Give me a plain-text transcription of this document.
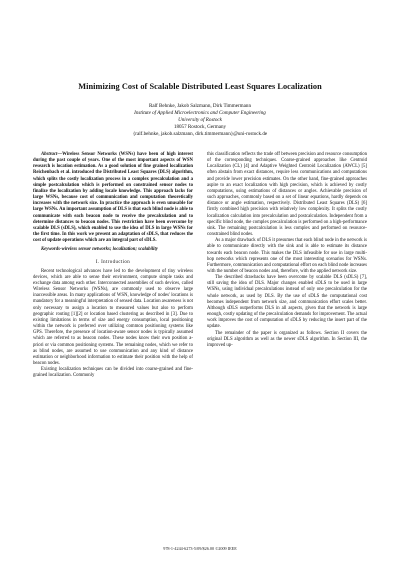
Minimizing Cost of Scalable Distributed Least Squares Localization
Ralf Behnke, Jakob Salzmann, Dirk Timmermann
Institute of Applied Microelectronics and Computer Engineering
University of Rostock
18057 Rostock, Germany
{ralf.behnke, jakob.salzmann, dirk.timmermann}@uni-rostock.de

Abstract—Wireless Sensor Networks (WSNs) have been of high interest during the past couple of years. One of the most important aspects of WSN research is location estimation. As a good solution of fine grained localization Reichenbach et al. introduced the Distributed Least Squares (DLS) algorithm, which splits the costly localization process in a complex precalculation and a simple postcalculation which is performed on constrained sensor nodes to finalize the localization by adding locale knowledge. This approach lacks for large WSNs, because cost of communication and computation theoretically increases with the network size. In practice the approach is even unusable for large WSNs. An important assumption of DLS is that each blind node is able to communicate with each beacon node to receive the precalculation and to determine distances to beacon nodes. This restriction have been overcome by scalable DLS (sDLS), which enabled to use the idea of DLS in large WSNs for the first time. In this work we present an adaptation of sDLS, that reduces the cost of update operations which are an integral part of sDLS.

Keywords-wireless sensor networks; localization; scalability

I. Introduction

Recent technological advances have led to the development of tiny wireless devices, which are able to sense their environment, compute simple tasks and exchange data among each other. Interconnected assemblies of such devices, called Wireless Sensor Networks (WSNs), are commonly used to observe large inaccessible areas. In many applications of WSN, knowledge of nodes' locations is mandatory for a meaningful interpretation of sensed data. Location awareness is not only necessary to assign a location to measured values but also to perform geographic routing [1][2] or location based clustering as described in [3]. Due to existing limitations in terms of size and energy consumption, local positioning within the network is preferred over utilizing common positioning systems like GPS. Therefore, the presence of location-aware sensor nodes is typically assumed which are referred to as beacon nodes. These nodes know their own position a-priori or via common positioning systems. The remaining nodes, which we refer to as blind nodes, are assumed to use communication and any kind of distance estimation or neighborhood information to estimate their position with the help of beacon nodes.

Existing localization techniques can be divided into coarse-grained and fine-grained localization. Commonly

this classification reflects the trade off between precision and resource consumption of the corresponding techniques. Coarse-grained approaches like Centroid Localization (CL) [4] and Adaptive Weighted Centroid Localization (AWCL) [5] often abstain from exact distances, require less communications and computations and provide lower precision estimates. On the other hand, fine-grained approaches aspire to an exact localization with high precision, which is achieved by costly computations, using estimations of distances or angles. Achievable precision of such approaches, commonly based on a set of linear equations, hardly depends on distance or angle estimation, respectively. Distributed Least Squares (DLS) [6] firstly combined high precision with relatively low complexity. It splits the costly localization calculation into precalculation and postcalculation. Independent from a specific blind node, the complex precalculation is performed on a high-performance sink. The remaining postcalculation is less complex and performed on resource-constrained blind nodes.

As a major drawback of DLS it presumes that each blind node in the network is able to communicate directly with the sink and is able to estimate its distance towards each beacon node. This makes the DLS infeasible for use in large multi-hop networks which represents one of the most interesting scenarios for WSNs. Furthermore, communication and computational effort on each blind node increases with the number of beacon nodes and, therefore, with the applied network size.

The described drawbacks have been overcome by scalable DLS (sDLS) [7], still saving the idea of DLS. Major changes enabled sDLS to be used in large WSNs, using individual precalculations instead of only one precalculation for the whole network, as used by DLS. By the use of sDLS the computational cost becomes independent from network size, and communication effort scales better. Although sDLS outperforms DLS in all aspects, given that the network is large enough, costly updating of the precalculation demands for improvement. The actual work improves the cost of computation of sDLS by reducing the insert part of the update.

The remainder of the paper is organized as follows. Section II covers the original DLS algorithm as well as the newer sDLS algorithm. In Section III, the improved up-

978-1-4244-6273-5/09/$26.00 ©2009 IEEE
